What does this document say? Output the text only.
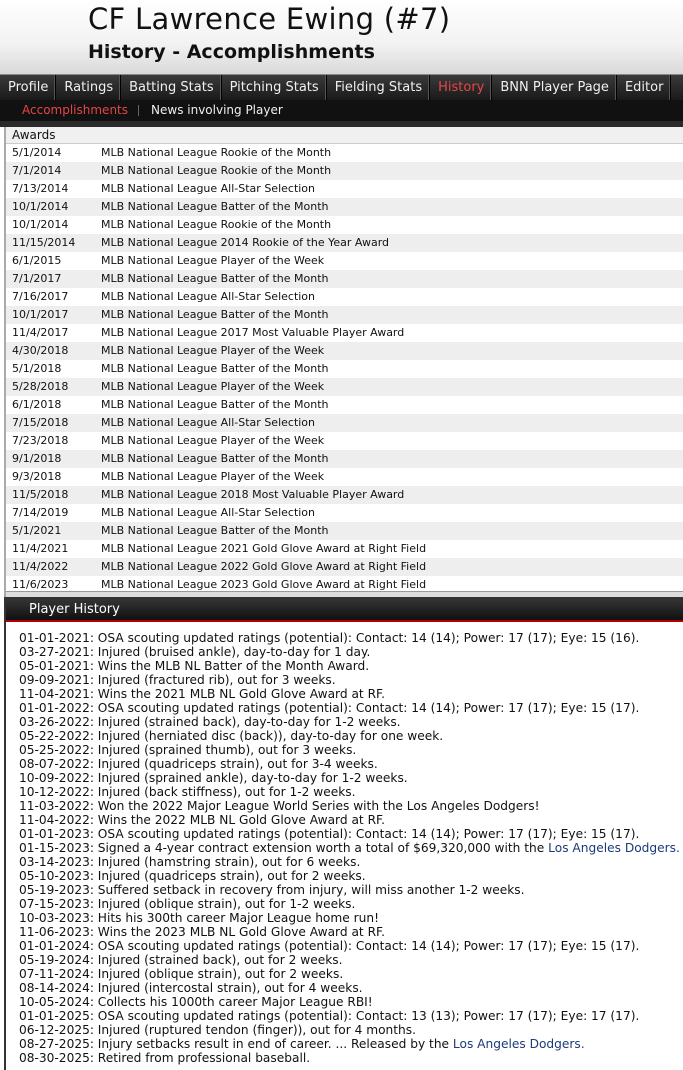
CF Lawrence Ewing (#7)
History - Accomplishments
Profile	Ratings	Batting Stats	Pitching Stats	Fielding Stats	History	BNN Player Page	Editor
Accomplishments	News involving Player
Awards
5/1/2014	MLB National League Rookie of the Month
7/1/2014	MLB National League Rookie of the Month
7/13/2014	MLB National League All-Star Selection
10/1/2014	MLB National League Batter of the Month
10/1/2014	MLB National League Rookie of the Month
11/15/2014	MLB National League 2014 Rookie of the Year Award
6/1/2015	MLB National League Player of the Week
7/1/2017	MLB National League Batter of the Month
7/16/2017	MLB National League All-Star Selection
10/1/2017	MLB National League Batter of the Month
11/4/2017	MLB National League 2017 Most Valuable Player Award
4/30/2018	MLB National League Player of the Week
5/1/2018	MLB National League Batter of the Month
5/28/2018	MLB National League Player of the Week
6/1/2018	MLB National League Batter of the Month
7/15/2018	MLB National League All-Star Selection
7/23/2018	MLB National League Player of the Week
9/1/2018	MLB National League Batter of the Month
9/3/2018	MLB National League Player of the Week
11/5/2018	MLB National League 2018 Most Valuable Player Award
7/14/2019	MLB National League All-Star Selection
5/1/2021	MLB National League Batter of the Month
11/4/2021	MLB National League 2021 Gold Glove Award at Right Field
11/4/2022	MLB National League 2022 Gold Glove Award at Right Field
11/6/2023	MLB National League 2023 Gold Glove Award at Right Field
Player History
01-01-2021: OSA scouting updated ratings (potential): Contact: 14 (14); Power: 17 (17); Eye: 15 (16).
03-27-2021: Injured (bruised ankle), day-to-day for 1 day.
05-01-2021: Wins the MLB NL Batter of the Month Award.
09-09-2021: Injured (fractured rib), out for 3 weeks.
11-04-2021: Wins the 2021 MLB NL Gold Glove Award at RF.
01-01-2022: OSA scouting updated ratings (potential): Contact: 14 (14); Power: 17 (17); Eye: 15 (17).
03-26-2022: Injured (strained back), day-to-day for 1-2 weeks.
05-22-2022: Injured (herniated disc (back)), day-to-day for one week.
05-25-2022: Injured (sprained thumb), out for 3 weeks.
08-07-2022: Injured (quadriceps strain), out for 3-4 weeks.
10-09-2022: Injured (sprained ankle), day-to-day for 1-2 weeks.
10-12-2022: Injured (back stiffness), out for 1-2 weeks.
11-03-2022: Won the 2022 Major League World Series with the Los Angeles Dodgers!
11-04-2022: Wins the 2022 MLB NL Gold Glove Award at RF.
01-01-2023: OSA scouting updated ratings (potential): Contact: 14 (14); Power: 17 (17); Eye: 15 (17).
01-15-2023: Signed a 4-year contract extension worth a total of $69,320,000 with the Los Angeles Dodgers.
03-14-2023: Injured (hamstring strain), out for 6 weeks.
05-10-2023: Injured (quadriceps strain), out for 2 weeks.
05-19-2023: Suffered setback in recovery from injury, will miss another 1-2 weeks.
07-15-2023: Injured (oblique strain), out for 1-2 weeks.
10-03-2023: Hits his 300th career Major League home run!
11-06-2023: Wins the 2023 MLB NL Gold Glove Award at RF.
01-01-2024: OSA scouting updated ratings (potential): Contact: 14 (14); Power: 17 (17); Eye: 15 (17).
05-19-2024: Injured (strained back), out for 2 weeks.
07-11-2024: Injured (oblique strain), out for 2 weeks.
08-14-2024: Injured (intercostal strain), out for 4 weeks.
10-05-2024: Collects his 1000th career Major League RBI!
01-01-2025: OSA scouting updated ratings (potential): Contact: 13 (13); Power: 17 (17); Eye: 17 (17).
06-12-2025: Injured (ruptured tendon (finger)), out for 4 months.
08-27-2025: Injury setbacks result in end of career. ... Released by the Los Angeles Dodgers.
08-30-2025: Retired from professional baseball.
